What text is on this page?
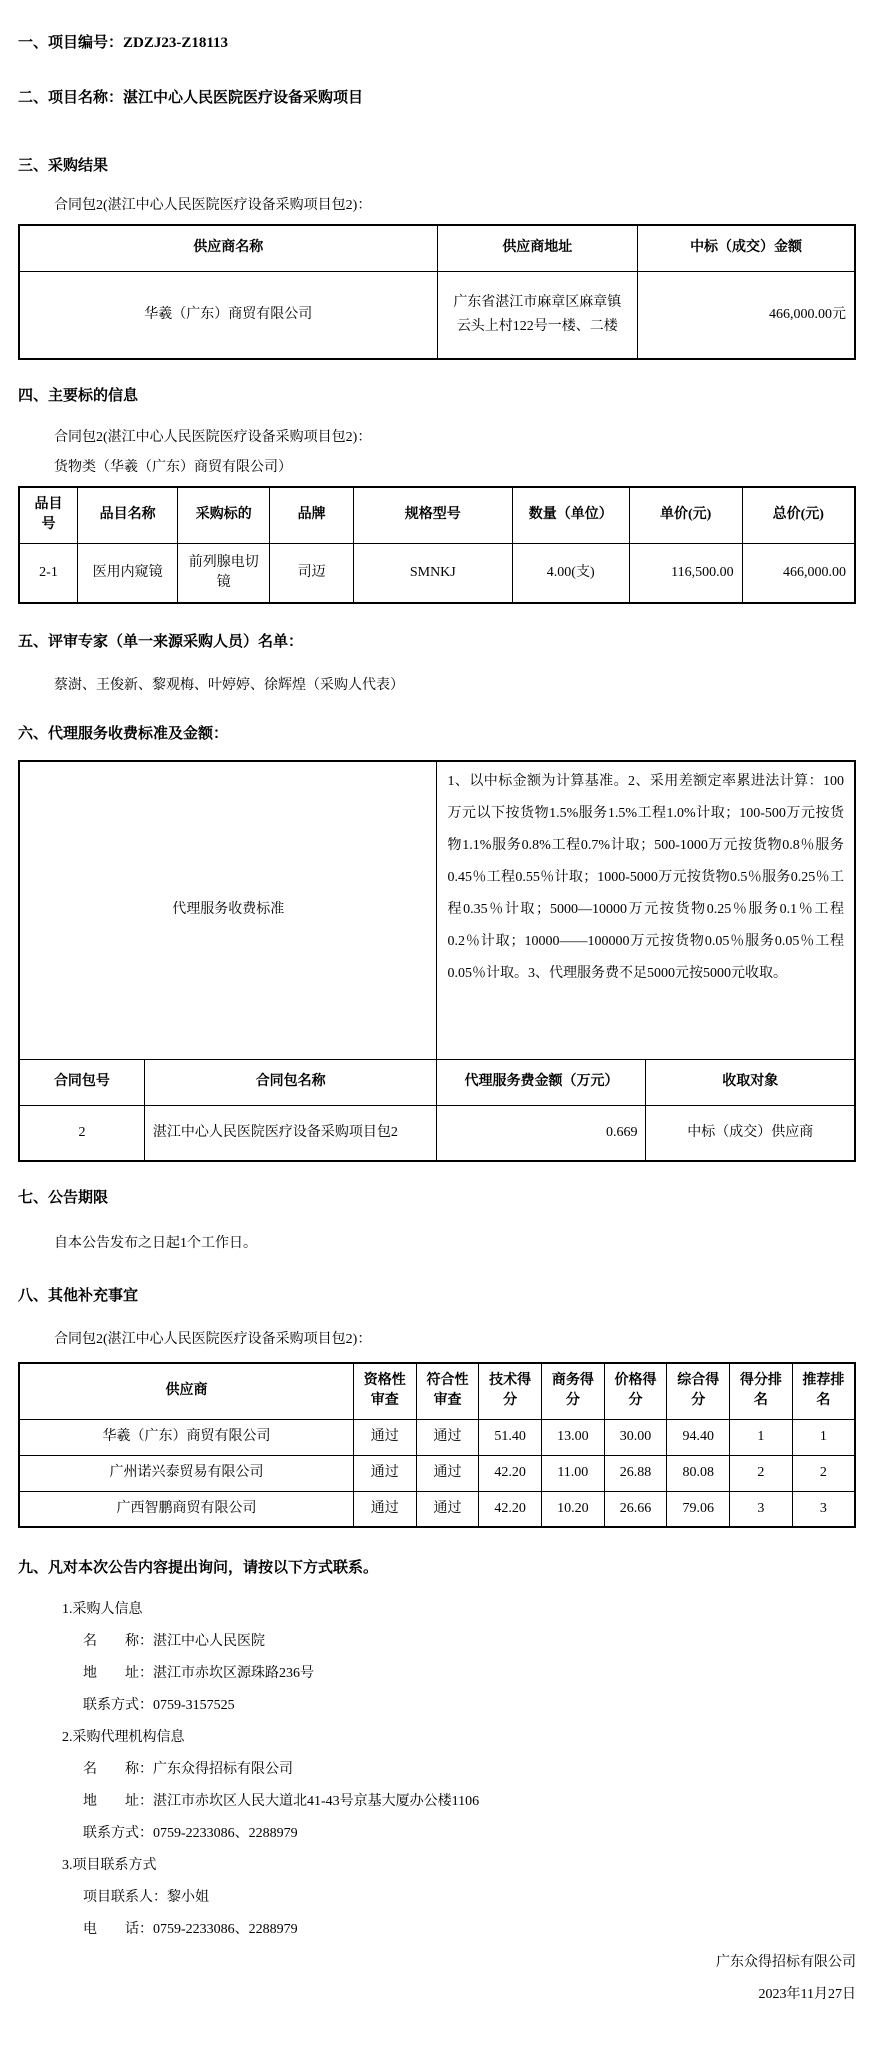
一、项目编号：ZDZJ23-Z18113
二、项目名称：湛江中心人民医院医疗设备采购项目
三、采购结果

合同包2(湛江中心人民医院医疗设备采购项目包2)：

供应商名称	供应商地址	中标（成交）金额
华羲（广东）商贸有限公司	广东省湛江市麻章区麻章镇云头上村122号一楼、二楼	466,000.00元
四、主要标的信息

合同包2(湛江中心人民医院医疗设备采购项目包2)：

货物类（华羲（广东）商贸有限公司）

品目号	品目名称	采购标的	品牌	规格型号	数量（单位）	单价(元)	总价(元)
2-1	医用内窥镜	前列腺电切镜	司迈	SMNKJ	4.00(支)	116,500.00	466,000.00
五、评审专家（单一来源采购人员）名单：

蔡澍、王俊新、黎观梅、叶婷婷、徐辉煌（采购人代表）

六、代理服务收费标准及金额：
代理服务收费标准		1、以中标金额为计算基准。2、采用差额定率累进法计算：100万元以下按货物1.5%服务1.5%工程1.0%计取；100-500万元按货物1.1%服务0.8%工程0.7%计取；500-1000万元按货物0.8％服务0.45％工程0.55％计取；1000-5000万元按货物0.5％服务0.25％工程0.35％计取；5000—10000万元按货物0.25％服务0.1％工程0.2％计取；10000——100000万元按货物0.05％服务0.05％工程0.05％计取。3、代理服务费不足5000元按5000元收取。	
合同包号	合同包名称	代理服务费金额（万元）	收取对象
2	湛江中心人民医院医疗设备采购项目包2	0.669	中标（成交）供应商
七、公告期限

自本公告发布之日起1个工作日。

八、其他补充事宜

合同包2(湛江中心人民医院医疗设备采购项目包2)：

供应商	资格性审查	符合性审查	技术得分	商务得分	价格得分	综合得分	得分排名	推荐排名
华羲（广东）商贸有限公司	通过	通过	51.40	13.00	30.00	94.40	1	1
广州诺兴泰贸易有限公司	通过	通过	42.20	11.00	26.88	80.08	2	2
广西智鹏商贸有限公司	通过	通过	42.20	10.20	26.66	79.06	3	3
九、凡对本次公告内容提出询问，请按以下方式联系。

1.采购人信息

名　　称：湛江中心人民医院

地　　址：湛江市赤坎区源珠路236号

联系方式：0759-3157525

2.采购代理机构信息

名　　称：广东众得招标有限公司

地　　址：湛江市赤坎区人民大道北41-43号京基大厦办公楼1106

联系方式：0759-2233086、2288979

3.项目联系方式

项目联系人：黎小姐

电　　话：0759-2233086、2288979

广东众得招标有限公司

2023年11月27日
